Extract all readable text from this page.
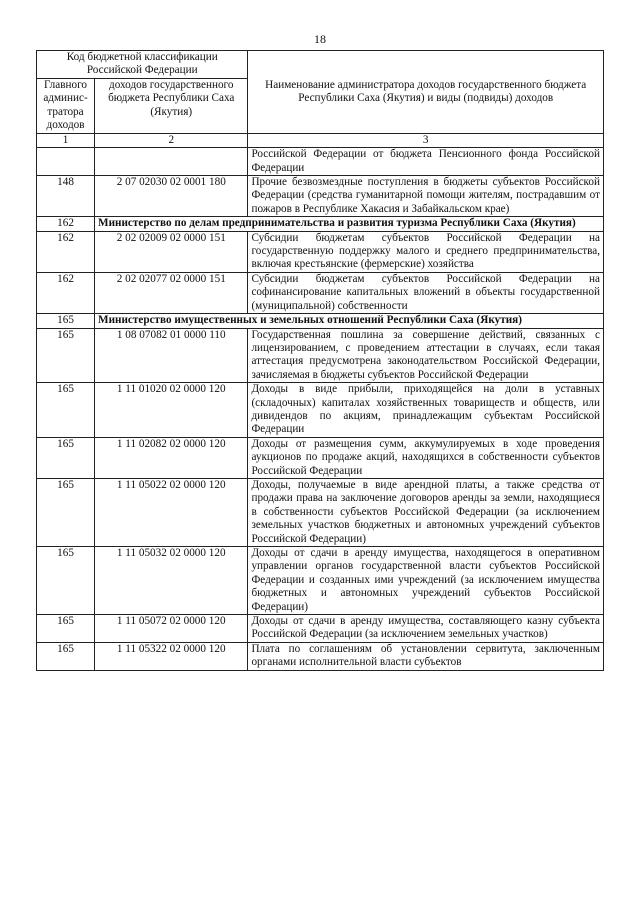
18
Код бюджетной классификации Российской Федерации		Наименование администратора доходов государственного бюджета Республики Саха (Якутия) и виды (подвиды) доходов
Главного админис-тратора доходов	доходов государственного бюджета Республики Саха (Якутия)	
1	2	3
		Российской Федерации от бюджета Пенсионного фонда Российской Федерации
148	2 07 02030 02 0001 180	Прочие безвозмездные поступления в бюджеты субъектов Российской Федерации (средства гуманитарной помощи жителям, пострадавшим от пожаров в Республике Хакасия и Забайкальском крае)
162	Министерство по делам предпринимательства и развития туризма Республики Саха (Якутия)	
162	2 02 02009 02 0000 151	Субсидии бюджетам субъектов Российской Федерации на государственную поддержку малого и среднего предпринимательства, включая крестьянские (фермерские) хозяйства
162	2 02 02077 02 0000 151	Субсидии бюджетам субъектов Российской Федерации на софинансирование капитальных вложений в объекты государственной (муниципальной) собственности
165	Министерство имущественных и земельных отношений Республики Саха (Якутия)	
165	1 08 07082 01 0000 110	Государственная пошлина за совершение действий, связанных с лицензированием, с проведением аттестации в случаях, если такая аттестация предусмотрена законодательством Российской Федерации, зачисляемая в бюджеты субъектов Российской Федерации
165	1 11 01020 02 0000 120	Доходы в виде прибыли, приходящейся на доли в уставных (складочных) капиталах хозяйственных товариществ и обществ, или дивидендов по акциям, принадлежащим субъектам Российской Федерации
165	1 11 02082 02 0000 120	Доходы от размещения сумм, аккумулируемых в ходе проведения аукционов по продаже акций, находящихся в собственности субъектов Российской Федерации
165	1 11 05022 02 0000 120	Доходы, получаемые в виде арендной платы, а также средства от продажи права на заключение договоров аренды за земли, находящиеся в собственности субъектов Российской Федерации (за исключением земельных участков бюджетных и автономных учреждений субъектов Российской Федерации)
165	1 11 05032 02 0000 120	Доходы от сдачи в аренду имущества, находящегося в оперативном управлении органов государственной власти субъектов Российской Федерации и созданных ими учреждений (за исключением имущества бюджетных и автономных учреждений субъектов Российской Федерации)
165	1 11 05072 02 0000 120	Доходы от сдачи в аренду имущества, составляющего казну субъекта Российской Федерации (за исключением земельных участков)
165	1 11 05322 02 0000 120	Плата по соглашениям об установлении сервитута, заключенным органами исполнительной власти субъектов
